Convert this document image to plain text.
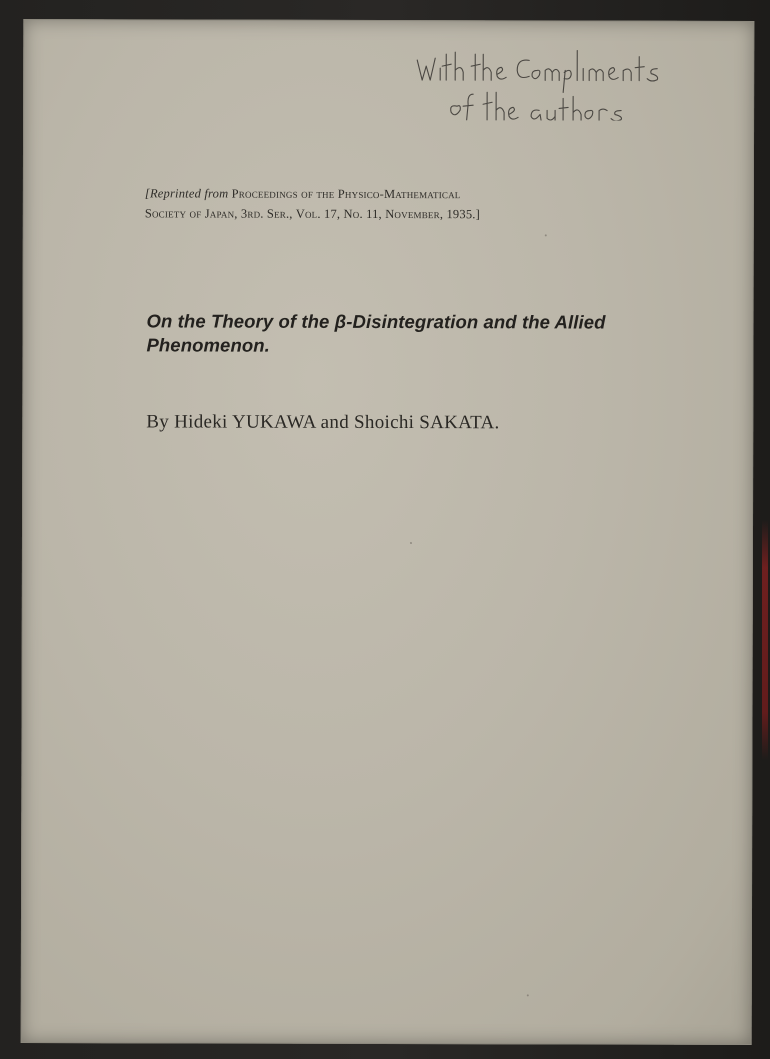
[Reprinted from Proceedings of the Physico-Mathematical
Society of Japan, 3rd. Ser., Vol. 17, No. 11, November, 1935.]
On the Theory of the β-Disintegration and the Allied
Phenomenon.
By Hideki YUKAWA and Shoichi SAKATA.
